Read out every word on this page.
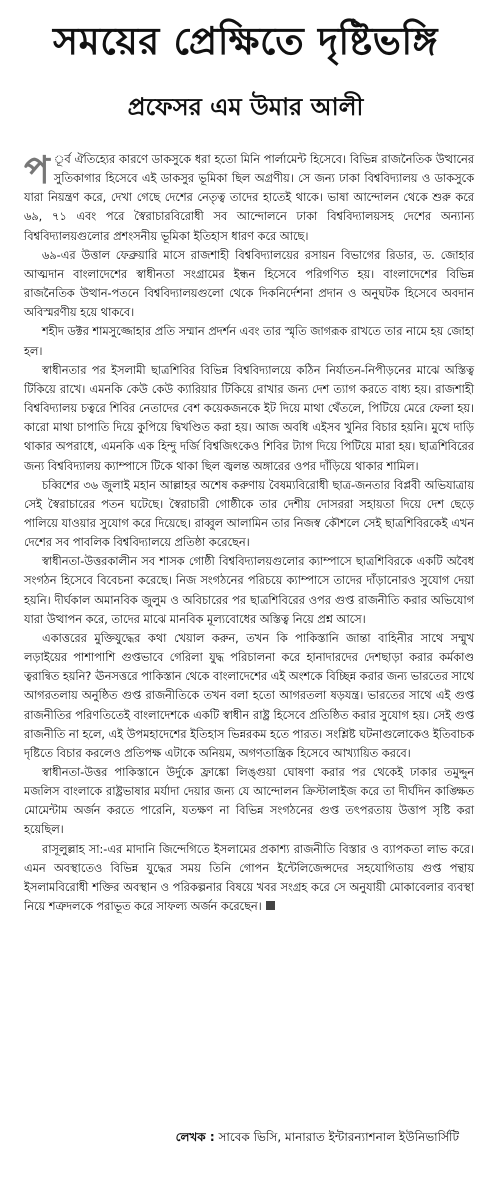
সময়ের প্রেক্ষিতে দৃষ্টিভঙ্গি
প্রফেসর এম উমার আলী

প ূর্ব ঐতিহ্যের কারণে ডাকসুকে ধরা হতো মিনি পার্লামেন্ট হিসেবে। বিভিন্ন রাজনৈতিক উত্থানের সুতিকাগার হিসেবে এই ডাকসুর ভূমিকা ছিল অগ্রণীয়। সে জন্য ঢাকা বিশ্ববিদ্যালয় ও ডাকসুকে যারা নিয়ন্ত্রণ করে, দেখা গেছে দেশের নেতৃত্ব তাদের হাতেই থাকে। ভাষা আন্দোলন থেকে শুরু করে ৬৯, ৭১ এবং পরে স্বৈরাচারবিরোধী সব আন্দোলনে ঢাকা বিশ্ববিদ্যালয়সহ দেশের অন্যান্য বিশ্ববিদ্যালয়গুলোর প্রশংসনীয় ভূমিকা ইতিহাস ধারণ করে আছে।

৬৯-এর উত্তাল ফেব্রুয়ারি মাসে রাজশাহী বিশ্ববিদ্যালয়ের রসায়ন বিভাগের রিডার, ড. জোহার আত্মদান বাংলাদেশের স্বাধীনতা সংগ্রামের ইন্ধন হিসেবে পরিগণিত হয়। বাংলাদেশের বিভিন্ন রাজনৈতিক উত্থান-পতনে বিশ্ববিদ্যালয়গুলো থেকে দিকনির্দেশনা প্রদান ও অনুঘটক হিসেবে অবদান অবিস্মরণীয় হয়ে থাকবে।

শহীদ ডক্টর শামসুজ্জোহার প্রতি সম্মান প্রদর্শন এবং তার স্মৃতি জাগরূক রাখতে তার নামে হয় জোহা হল।

স্বাধীনতার পর ইসলামী ছাত্রশিবির বিভিন্ন বিশ্ববিদ্যালয়ে কঠিন নির্যাতন-নিপীড়নের মাঝে অস্তিত্ব টিকিয়ে রাখে। এমনকি কেউ কেউ ক্যারিয়ার টিকিয়ে রাখার জন্য দেশ ত্যাগ করতে বাধ্য হয়। রাজশাহী বিশ্ববিদ্যালয় চত্বরে শিবির নেতাদের বেশ কয়েকজনকে ইট দিয়ে মাথা থেঁতলে, পিটিয়ে মেরে ফেলা হয়। কারো মাথা চাপাতি দিয়ে কুপিয়ে দ্বিখণ্ডিত করা হয়। আজ অবধি এইসব খুনির বিচার হয়নি। মুখে দাড়ি থাকার অপরাধে, এমনকি এক হিন্দু দর্জি বিশ্বজিৎকেও শিবির ট্যাগ দিয়ে পিটিয়ে মারা হয়। ছাত্রশিবিরের জন্য বিশ্ববিদ্যালয় ক্যাম্পাসে টিকে থাকা ছিল জ্বলন্ত অঙ্গারের ওপর দাঁড়িয়ে থাকার শামিল।

চব্বিশের ৩৬ জুলাই মহান আল্লাহর অশেষ করুণায় বৈষম্যবিরোধী ছাত্র-জনতার বিপ্লবী অভিযাত্রায় সেই স্বৈরাচারের পতন ঘটেছে। স্বৈরাচারী গোষ্ঠীকে তার দেশীয় দোসররা সহায়তা দিয়ে দেশ ছেড়ে পালিয়ে যাওয়ার সুযোগ করে দিয়েছে। রাব্বুল আলামিন তার নিজস্ব কৌশলে সেই ছাত্রশিবিরকেই এখন দেশের সব পাবলিক বিশ্ববিদ্যালয়ে প্রতিষ্ঠা করেছেন।

স্বাধীনতা-উত্তরকালীন সব শাসক গোষ্ঠী বিশ্ববিদ্যালয়গুলোর ক্যাম্পাসে ছাত্রশিবিরকে একটি অবৈধ সংগঠন হিসেবে বিবেচনা করেছে। নিজ সংগঠনের পরিচয়ে ক্যাম্পাসে তাদের দাঁড়ানোরও সুযোগ দেয়া হয়নি। দীর্ঘকাল অমানবিক জুলুম ও অবিচারের পর ছাত্রশিবিরের ওপর গুপ্ত রাজনীতি করার অভিযোগ যারা উত্থাপন করে, তাদের মাঝে মানবিক মূল্যবোধের অস্তিত্ব নিয়ে প্রশ্ন আসে।

একাত্তরের মুক্তিযুদ্ধের কথা খেয়াল করুন, তখন কি পাকিস্তানি জান্তা বাহিনীর সাথে সম্মুখ লড়াইয়ের পাশাপাশি গুপ্তভাবে গেরিলা যুদ্ধ পরিচালনা করে হানাদারদের দেশছাড়া করার কর্মকাণ্ড ত্বরান্বিত হয়নি? ঊনসত্তরে পাকিস্তান থেকে বাংলাদেশের এই অংশকে বিচ্ছিন্ন করার জন্য ভারতের সাথে আগরতলায় অনুষ্ঠিত গুপ্ত রাজনীতিকে তখন বলা হতো আগরতলা ষড়যন্ত্র। ভারতের সাথে এই গুপ্ত রাজনীতির পরিণতিতেই বাংলাদেশকে একটি স্বাধীন রাষ্ট্র হিসেবে প্রতিষ্ঠিত করার সুযোগ হয়। সেই গুপ্ত রাজনীতি না হলে, এই উপমহাদেশের ইতিহাস ভিন্নরকম হতে পারত। সংশ্লিষ্ট ঘটনাগুলোকেও ইতিবাচক দৃষ্টিতে বিচার করলেও প্রতিপক্ষ এটাকে অনিয়ম, অগণতান্ত্রিক হিসেবে আখ্যায়িত করবে।

স্বাধীনতা-উত্তর পাকিস্তানে উর্দুকে ফ্রাঙ্কো লিঙ্গুয়া ঘোষণা করার পর থেকেই ঢাকার তমুদ্দুন মজলিস বাংলাকে রাষ্ট্রভাষার মর্যাদা দেয়ার জন্য যে আন্দোলন ক্রিস্টালাইজ করে তা দীর্ঘদিন কাঙ্ক্ষিত মোমেন্টাম অর্জন করতে পারেনি, যতক্ষণ না বিভিন্ন সংগঠনের গুপ্ত তৎপরতায় উত্তাপ সৃষ্টি করা হয়েছিল।

রাসূলুল্লাহ সা:-এর মাদানি জিন্দেগিতে ইসলামের প্রকাশ্য রাজনীতি বিস্তার ও ব্যাপকতা লাভ করে। এমন অবস্থাতেও বিভিন্ন যুদ্ধের সময় তিনি গোপন ইন্টেলিজেন্সদের সহযোগিতায় গুপ্ত পন্থায় ইসলামবিরোধী শক্তির অবস্থান ও পরিকল্পনার বিষয়ে খবর সংগ্রহ করে সে অনুযায়ী মোকাবেলার ব্যবস্থা নিয়ে শত্রুদলকে পরাভূত করে সাফল্য অর্জন করেছেন।

লেখক : সাবেক ভিসি, মানারাত ইন্টারন্যাশনাল ইউনিভার্সিটি
